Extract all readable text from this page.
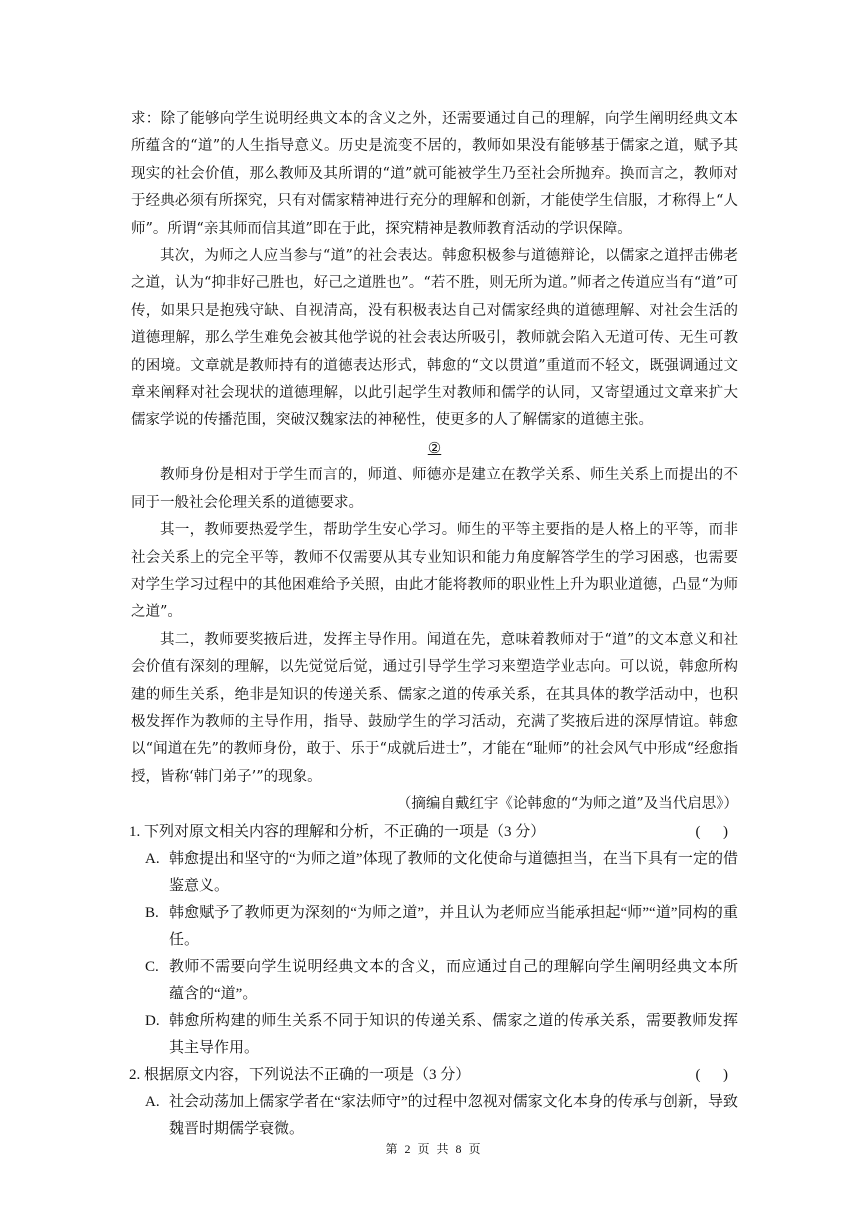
求：除了能够向学生说明经典文本的含义之外，还需要通过自己的理解，向学生阐明经典文本所蕴含的“道”的人生指导意义。历史是流变不居的，教师如果没有能够基于儒家之道，赋予其现实的社会价值，那么教师及其所谓的“道”就可能被学生乃至社会所抛弃。换而言之，教师对于经典必须有所探究，只有对儒家精神进行充分的理解和创新，才能使学生信服，才称得上“人师”。所谓“亲其师而信其道”即在于此，探究精神是教师教育活动的学识保障。

其次，为师之人应当参与“道”的社会表达。韩愈积极参与道德辩论，以儒家之道抨击佛老之道，认为“抑非好己胜也，好己之道胜也”。“若不胜，则无所为道。”师者之传道应当有“道”可传，如果只是抱残守缺、自视清高，没有积极表达自己对儒家经典的道德理解、对社会生活的道德理解，那么学生难免会被其他学说的社会表达所吸引，教师就会陷入无道可传、无生可教的困境。文章就是教师持有的道德表达形式，韩愈的“文以贯道”重道而不轻文，既强调通过文章来阐释对社会现状的道德理解，以此引起学生对教师和儒学的认同，又寄望通过文章来扩大儒家学说的传播范围，突破汉魏家法的神秘性，使更多的人了解儒家的道德主张。

②

教师身份是相对于学生而言的，师道、师德亦是建立在教学关系、师生关系上而提出的不同于一般社会伦理关系的道德要求。

其一，教师要热爱学生，帮助学生安心学习。师生的平等主要指的是人格上的平等，而非社会关系上的完全平等，教师不仅需要从其专业知识和能力角度解答学生的学习困惑，也需要对学生学习过程中的其他困难给予关照，由此才能将教师的职业性上升为职业道德，凸显“为师之道”。

其二，教师要奖掖后进，发挥主导作用。闻道在先，意味着教师对于“道”的文本意义和社会价值有深刻的理解，以先觉觉后觉，通过引导学生学习来塑造学业志向。可以说，韩愈所构建的师生关系，绝非是知识的传递关系、儒家之道的传承关系，在其具体的教学活动中，也积极发挥作为教师的主导作用，指导、鼓励学生的学习活动，充满了奖掖后进的深厚情谊。韩愈以“闻道在先”的教师身份，敢于、乐于“成就后进士”，才能在“耻师”的社会风气中形成“经愈指授，皆称‘韩门弟子’”的现象。

（摘编自戴红宇《论韩愈的“为师之道”及当代启思》）
1. 下列对原文相关内容的理解和分析，不正确的一项是（3 分）	(      )
A. 韩愈提出和坚守的“为师之道”体现了教师的文化使命与道德担当，在当下具有一定的借鉴意义。
B. 韩愈赋予了教师更为深刻的“为师之道”，并且认为老师应当能承担起“师”“道”同构的重任。
C. 教师不需要向学生说明经典文本的含义，而应通过自己的理解向学生阐明经典文本所蕴含的“道”。
D. 韩愈所构建的师生关系不同于知识的传递关系、儒家之道的传承关系，需要教师发挥其主导作用。
2. 根据原文内容，下列说法不正确的一项是（3 分）	(      )
A. 社会动荡加上儒家学者在“家法师守”的过程中忽视对儒家文化本身的传承与创新，导致魏晋时期儒学衰微。
第 2 页 共 8 页
